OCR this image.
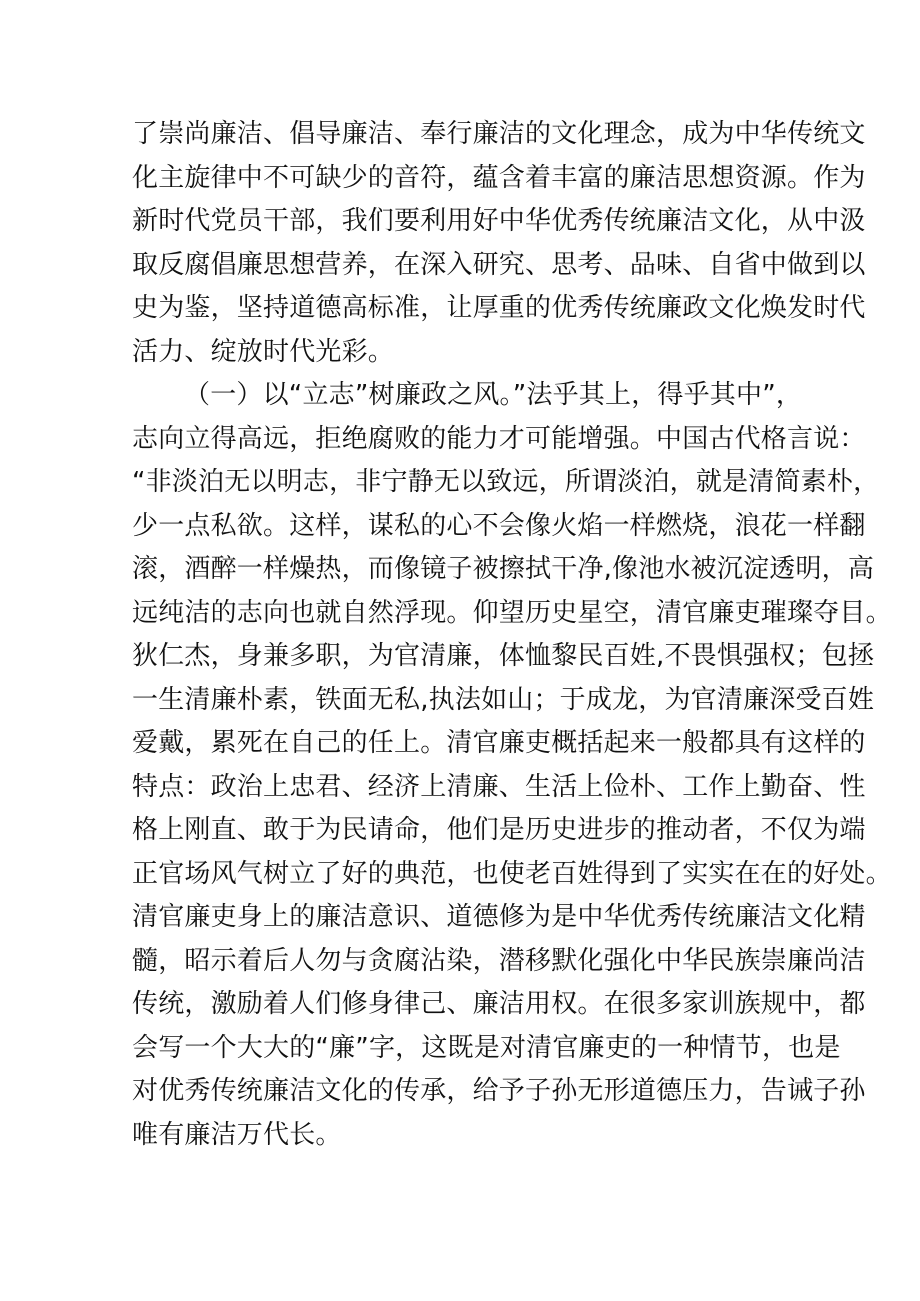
了崇尚廉洁、倡导廉洁、奉行廉洁的文化理念，成为中华传统文
化主旋律中不可缺少的音符，蕴含着丰富的廉洁思想资源。作为
新时代党员干部，我们要利用好中华优秀传统廉洁文化，从中汲
取反腐倡廉思想营养，在深入研究、思考、品味、自省中做到以
史为鉴，坚持道德高标准，让厚重的优秀传统廉政文化焕发时代
活力、绽放时代光彩。
（一）以“立志”树廉政之风。”法乎其上，得乎其中”，
志向立得高远，拒绝腐败的能力才可能增强。中国古代格言说：
“非淡泊无以明志，非宁静无以致远，所谓淡泊，就是清简素朴，
少一点私欲。这样，谋私的心不会像火焰一样燃烧，浪花一样翻
滚，酒醉一样燥热，而像镜子被擦拭干净,像池水被沉淀透明，高
远纯洁的志向也就自然浮现。仰望历史星空，清官廉吏璀璨夺目。
狄仁杰，身兼多职，为官清廉，体恤黎民百姓,不畏惧强权；包拯
一生清廉朴素，铁面无私,执法如山；于成龙，为官清廉深受百姓
爱戴，累死在自己的任上。清官廉吏概括起来一般都具有这样的
特点：政治上忠君、经济上清廉、生活上俭朴、工作上勤奋、性
格上刚直、敢于为民请命，他们是历史进步的推动者，不仅为端
正官场风气树立了好的典范，也使老百姓得到了实实在在的好处。
清官廉吏身上的廉洁意识、道德修为是中华优秀传统廉洁文化精
髓，昭示着后人勿与贪腐沾染，潜移默化强化中华民族崇廉尚洁
传统，激励着人们修身律己、廉洁用权。在很多家训族规中，都
会写一个大大的“廉”字，这既是对清官廉吏的一种情节，也是
对优秀传统廉洁文化的传承，给予子孙无形道德压力，告诫子孙
唯有廉洁万代长。
